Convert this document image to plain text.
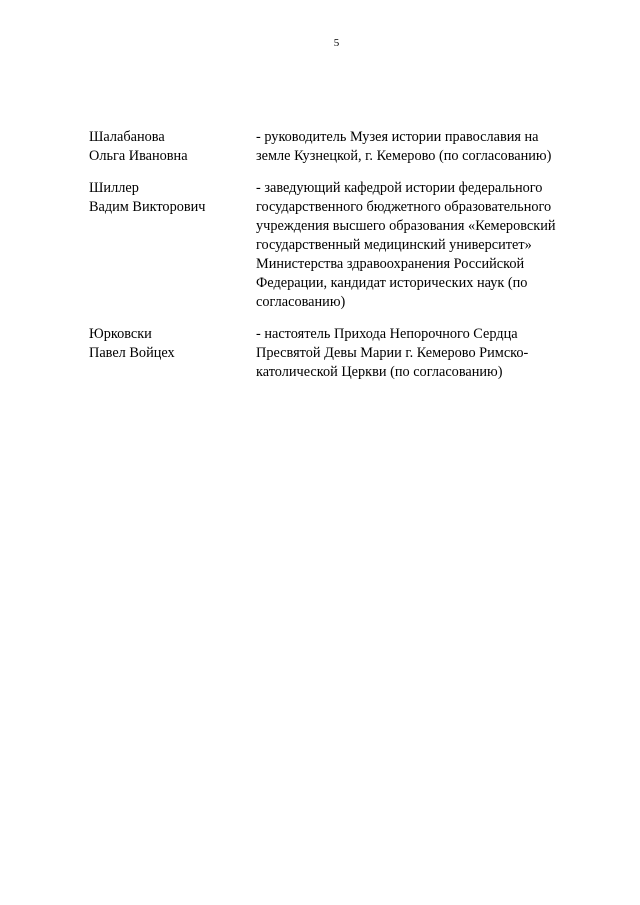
5
Шалабанова
Ольга Ивановна
- руководитель Музея истории православия на
земле Кузнецкой, г. Кемерово (по согласованию)
Шиллер
Вадим Викторович
- заведующий кафедрой истории федерального
государственного бюджетного образовательного
учреждения высшего образования «Кемеровский
государственный медицинский университет»
Министерства здравоохранения Российской
Федерации, кандидат исторических наук (по
согласованию)
Юрковски
Павел Войцех
- настоятель Прихода Непорочного Сердца
Пресвятой Девы Марии г. Кемерово Римско-
католической Церкви (по согласованию)
